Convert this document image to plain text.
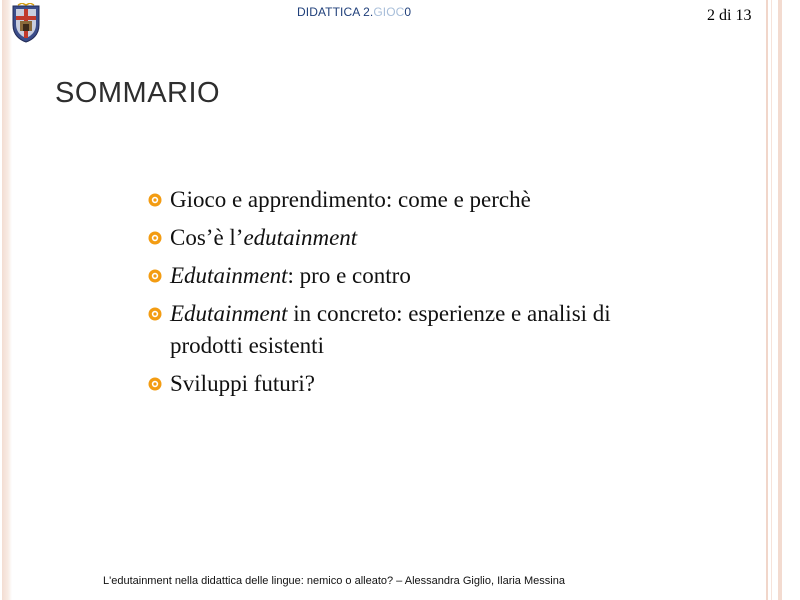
DIDATTICA 2.GIOC0	2 di 13
SOMMARIO
Gioco e apprendimento: come e perchè
Cos’è l’edutainment
Edutainment: pro e contro
Edutainment in concreto: esperienze e analisi di prodotti esistenti
Sviluppi futuri?
L'edutainment nella didattica delle lingue: nemico o alleato? – Alessandra Giglio, Ilaria Messina
